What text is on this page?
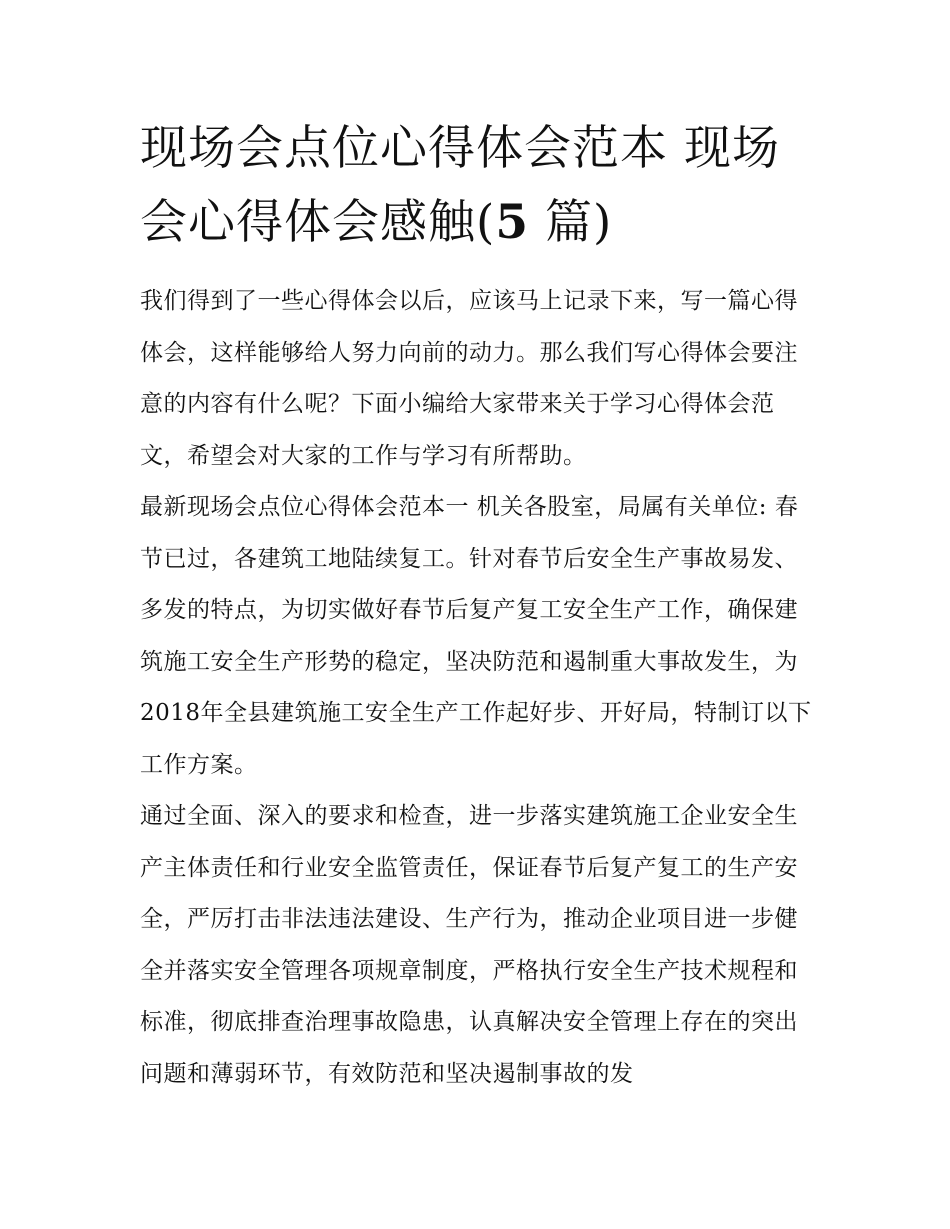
现场会点位心得体会范本 现场会心得体会感触(5 篇)

我们得到了一些心得体会以后，应该马上记录下来，写一篇心得体会，这样能够给人努力向前的动力。那么我们写心得体会要注意的内容有什么呢？下面小编给大家带来关于学习心得体会范文，希望会对大家的工作与学习有所帮助。

最新现场会点位心得体会范本一 机关各股室，局属有关单位: 春节已过，各建筑工地陆续复工。针对春节后安全生产事故易发、多发的特点，为切实做好春节后复产复工安全生产工作，确保建筑施工安全生产形势的稳定，坚决防范和遏制重大事故发生，为2018年全县建筑施工安全生产工作起好步、开好局，特制订以下工作方案。

通过全面、深入的要求和检查，进一步落实建筑施工企业安全生产主体责任和行业安全监管责任，保证春节后复产复工的生产安全，严厉打击非法违法建设、生产行为，推动企业项目进一步健全并落实安全管理各项规章制度，严格执行安全生产技术规程和标准，彻底排查治理事故隐患，认真解决安全管理上存在的突出问题和薄弱环节，有效防范和坚决遏制事故的发
